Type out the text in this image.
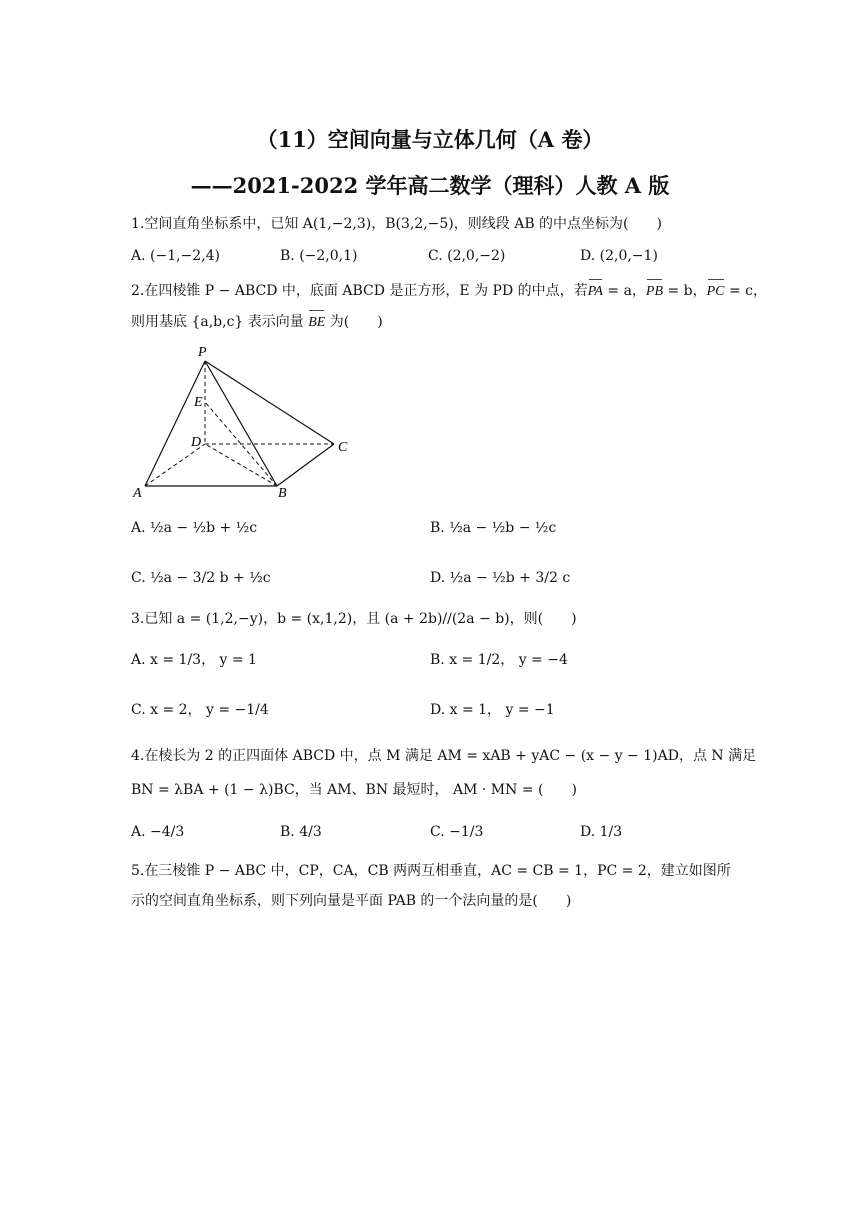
（11）空间向量与立体几何（A 卷）
——2021-2022 学年高二数学（理科）人教 A 版
1.空间直角坐标系中，已知 A(1,−2,3)，B(3,2,−5)，则线段 AB 的中点坐标为(　　)
A. (−1,−2,4)	B. (−2,0,1)	C. (2,0,−2)	D. (2,0,−1)
2.在四棱锥 P − ABCD 中，底面 ABCD 是正方形，E 为 PD 的中点，若PA = a，PB = b，PC = c，
则用基底 {a,b,c} 表示向量 BE 为(　　)
P
E
D	C
A	B
A. ½a − ½b + ½c	B. ½a − ½b − ½c
C. ½a − 3/2 b + ½c	D. ½a − ½b + 3/2 c
3.已知 a = (1,2,−y)，b = (x,1,2)，且 (a + 2b)//(2a − b)，则(　　)
A. x = 1/3， y = 1	B. x = 1/2， y = −4
C. x = 2， y = −1/4	D. x = 1， y = −1
4.在棱长为 2 的正四面体 ABCD 中，点 M 满足 AM = xAB + yAC − (x − y − 1)AD，点 N 满足
BN = λBA + (1 − λ)BC，当 AM、BN 最短时， AM · MN = (　　)
A. −4/3	B. 4/3	C. −1/3	D. 1/3
5.在三棱锥 P − ABC 中，CP，CA，CB 两两互相垂直，AC = CB = 1，PC = 2，建立如图所
示的空间直角坐标系，则下列向量是平面 PAB 的一个法向量的是(　　)
